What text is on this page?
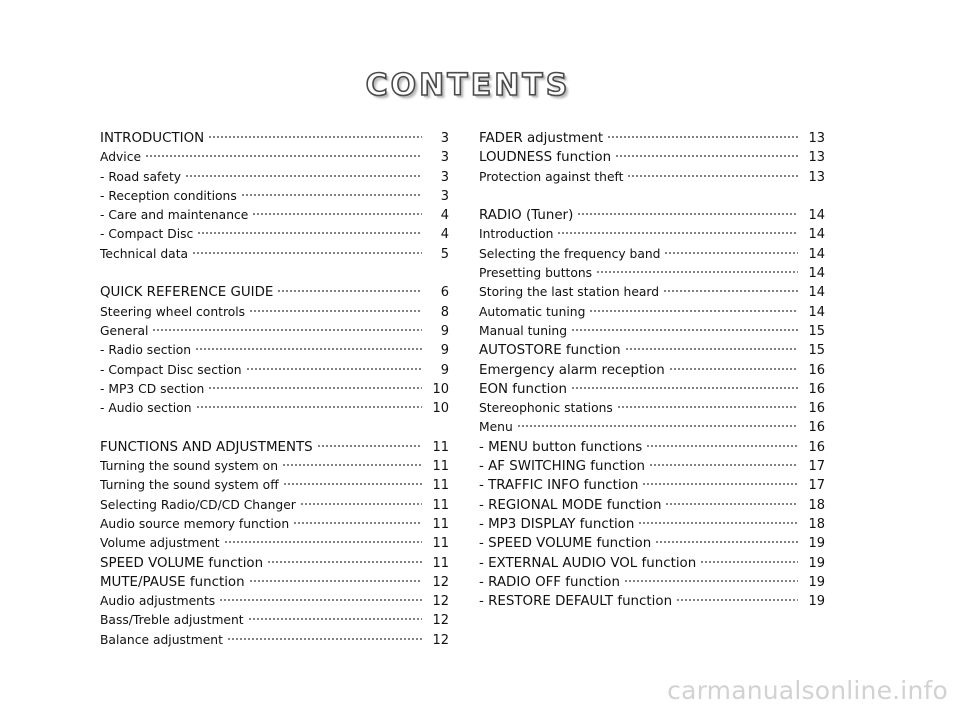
CONTENTS
INTRODUCTION	3
Advice	3
- Road safety	3
- Reception conditions	3
- Care and maintenance	4
- Compact Disc	4
Technical data	5
QUICK REFERENCE GUIDE	6
Steering wheel controls	8
General	9
- Radio section	9
- Compact Disc section	9
- MP3 CD section	10
- Audio section	10
FUNCTIONS AND ADJUSTMENTS	11
Turning the sound system on	11
Turning the sound system off	11
Selecting Radio/CD/CD Changer	11
Audio source memory function	11
Volume adjustment	11
SPEED VOLUME function	11
MUTE/PAUSE function	12
Audio adjustments	12
Bass/Treble adjustment	12
Balance adjustment	12
FADER adjustment	13
LOUDNESS function	13
Protection against theft	13
RADIO (Tuner)	14
Introduction	14
Selecting the frequency band	14
Presetting buttons	14
Storing the last station heard	14
Automatic tuning	14
Manual tuning	15
AUTOSTORE function	15
Emergency alarm reception	16
EON function	16
Stereophonic stations	16
Menu	16
- MENU button functions	16
- AF SWITCHING function	17
- TRAFFIC INFO function	17
- REGIONAL MODE function	18
- MP3 DISPLAY function	18
- SPEED VOLUME function	19
- EXTERNAL AUDIO VOL function	19
- RADIO OFF function	19
- RESTORE DEFAULT function	19
carmanualsonline.info
